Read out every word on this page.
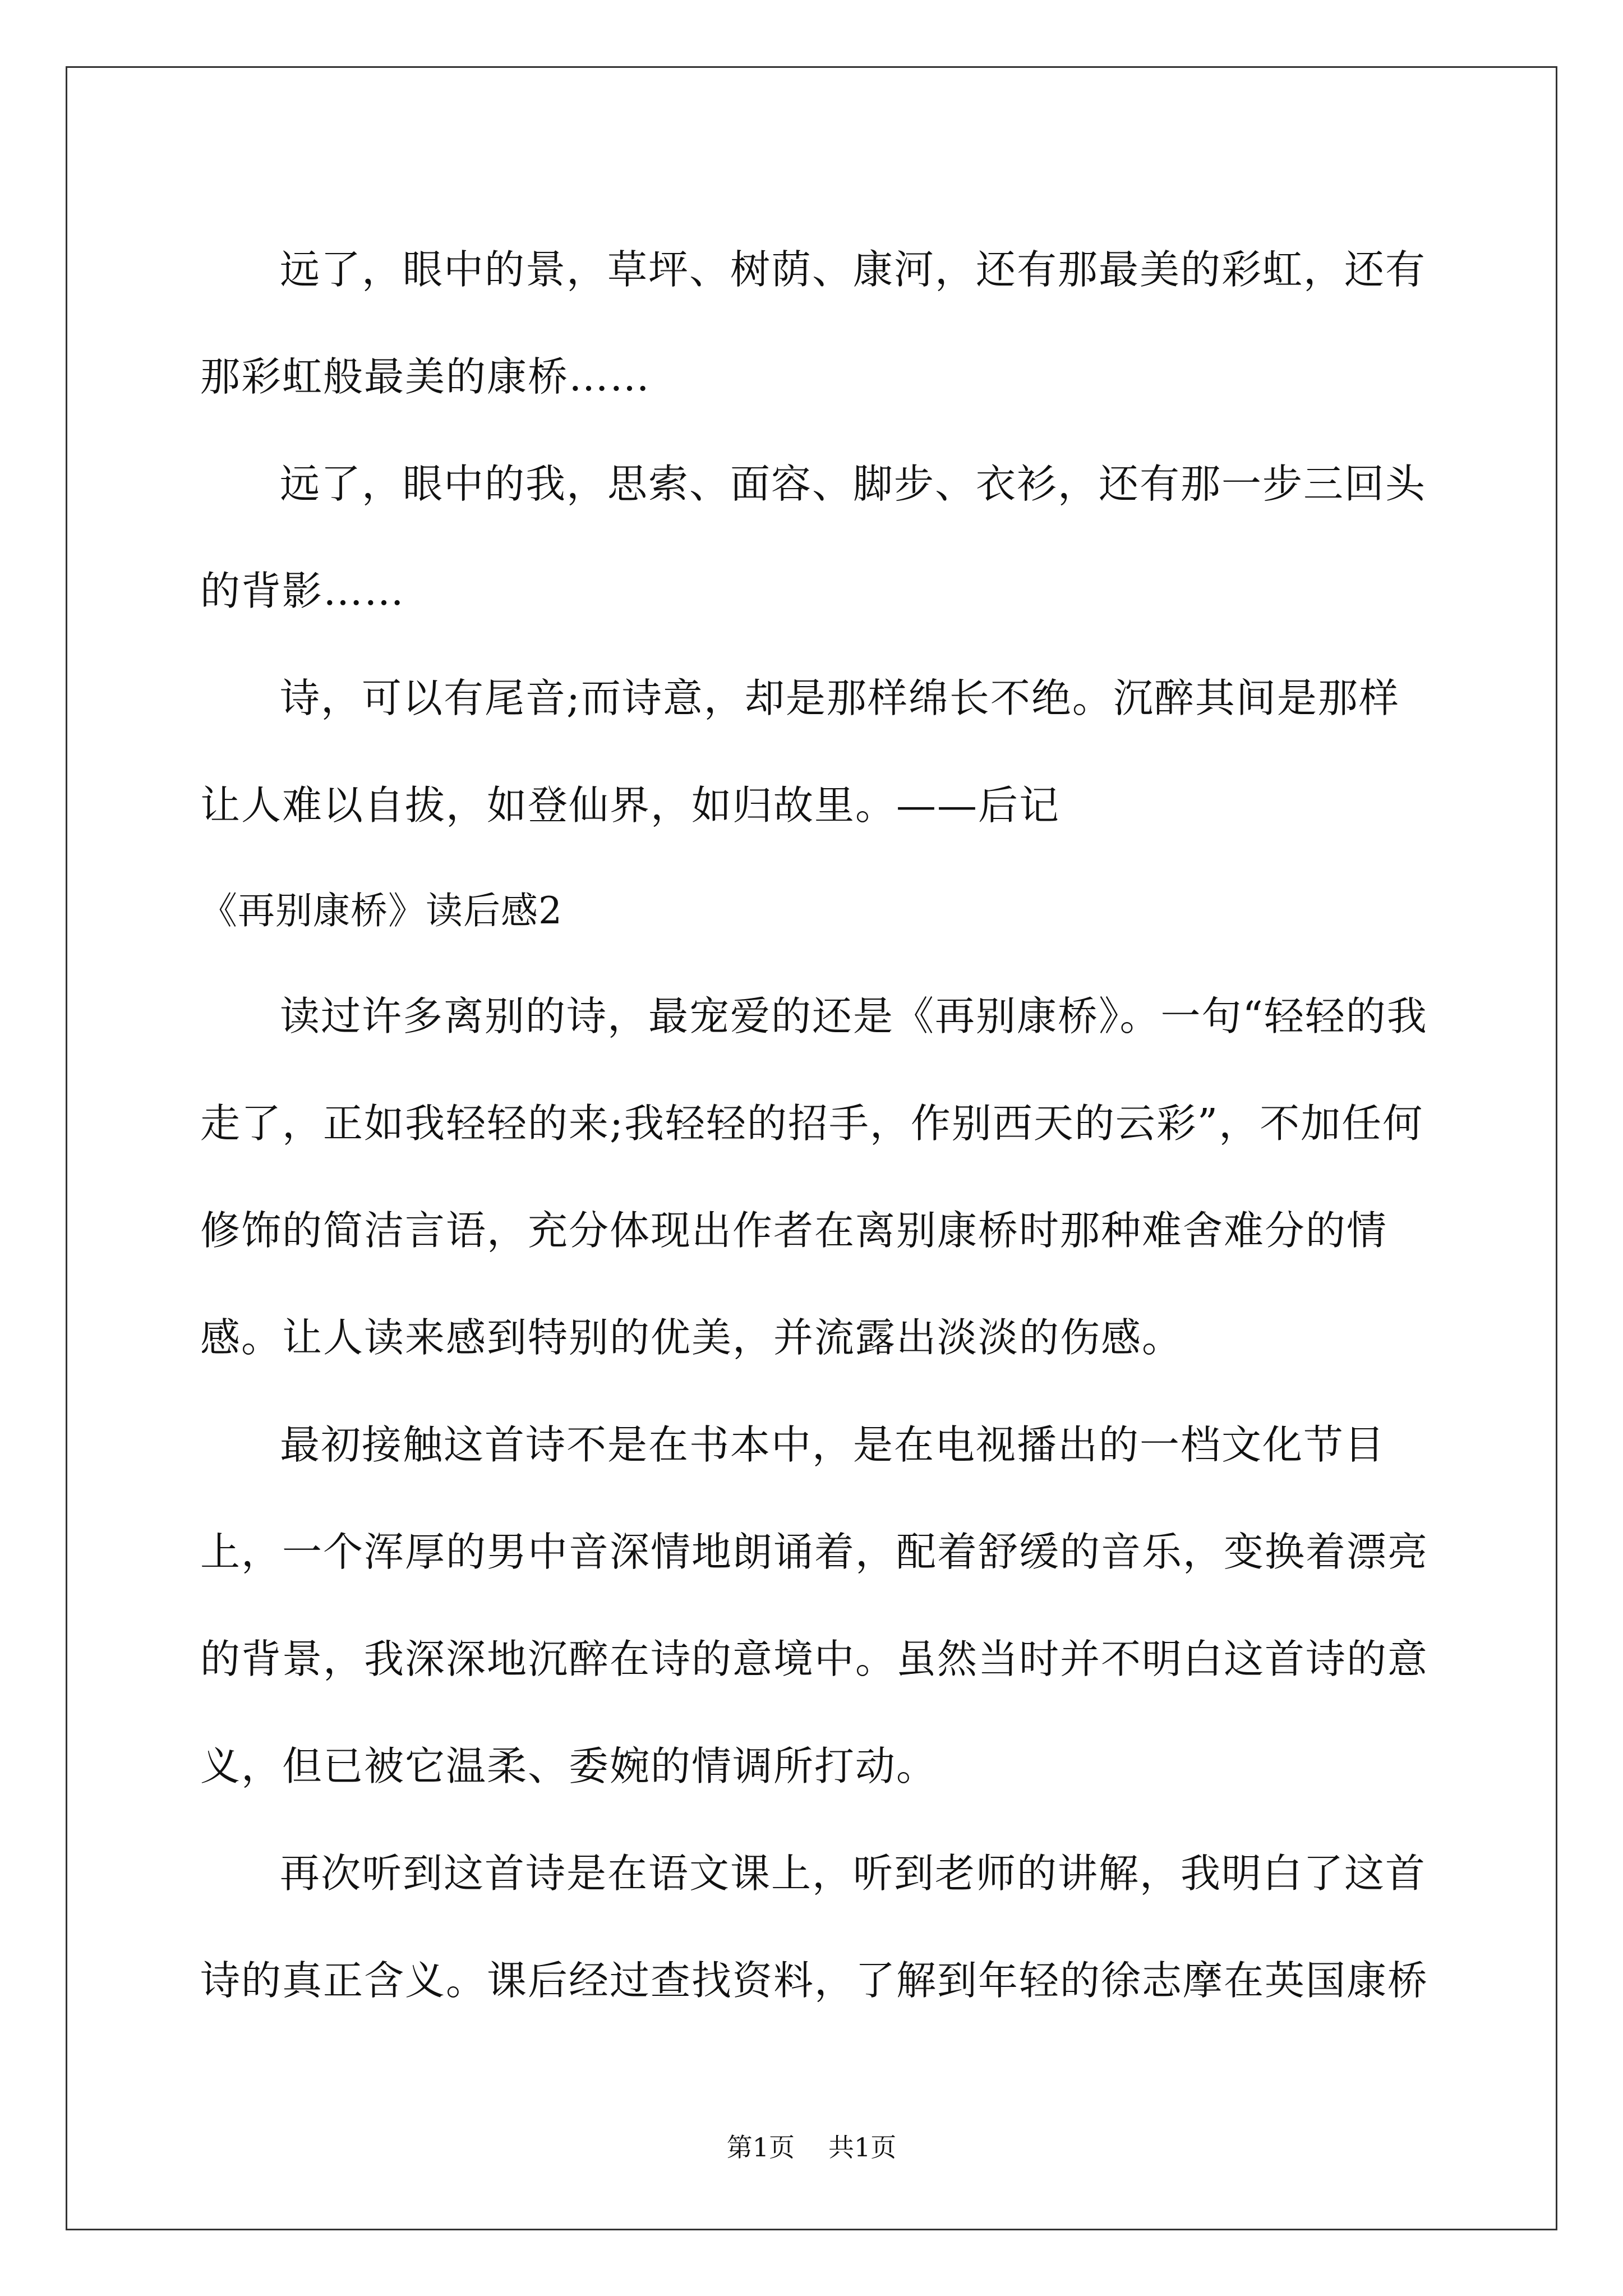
远了，眼中的景，草坪、树荫、康河，还有那最美的彩虹，还有那彩虹般最美的康桥……

远了，眼中的我，思索、面容、脚步、衣衫，还有那一步三回头的背影……

诗，可以有尾音;而诗意，却是那样绵长不绝。沉醉其间是那样让人难以自拔，如登仙界，如归故里。——后记

《再别康桥》读后感2

读过许多离别的诗，最宠爱的还是《再别康桥》。一句“轻轻的我走了，正如我轻轻的来;我轻轻的招手，作别西天的云彩”，不加任何修饰的简洁言语，充分体现出作者在离别康桥时那种难舍难分的情感。让人读来感到特别的优美，并流露出淡淡的伤感。

最初接触这首诗不是在书本中，是在电视播出的一档文化节目上，一个浑厚的男中音深情地朗诵着，配着舒缓的音乐，变换着漂亮的背景，我深深地沉醉在诗的意境中。虽然当时并不明白这首诗的意义，但已被它温柔、委婉的情调所打动。

再次听到这首诗是在语文课上，听到老师的讲解，我明白了这首诗的真正含义。课后经过查找资料，了解到年轻的徐志摩在英国康桥

第1页 共1页
